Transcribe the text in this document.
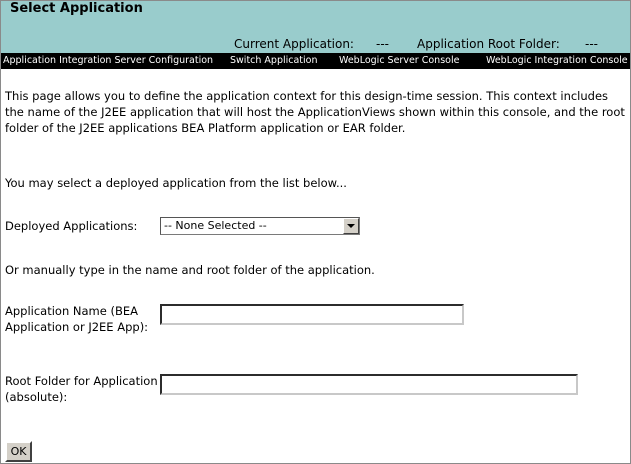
Select Application
Current Application: --- Application Root Folder: ---
Application Integration Server Configuration Switch Application WebLogic Server Console	WebLogic Integration Console
This page allows you to define the application context for this design-time session. This context includes the name of the J2EE application that will host the ApplicationViews shown within this console, and the root folder of the J2EE applications BEA Platform application or EAR folder.
You may select a deployed application from the list below...
Deployed Applications: -- None Selected --
Or manually type in the name and root folder of the application.
Application Name (BEA Application or J2EE App):
Root Folder for Application (absolute):
OK
